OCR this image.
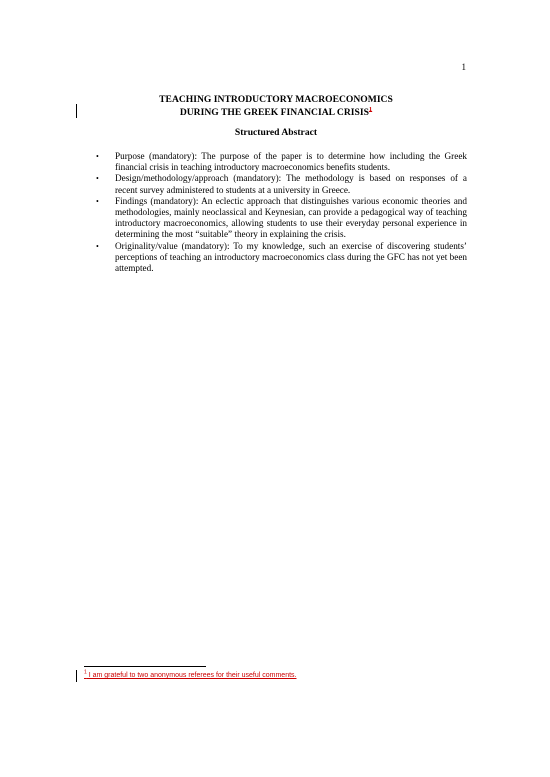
1
TEACHING INTRODUCTORY MACROECONOMICS
DURING THE GREEK FINANCIAL CRISIS$^1$
Structured Abstract
• Purpose (mandatory): The purpose of the paper is to determine how including the Greek financial crisis in teaching introductory macroeconomics benefits students.
• Design/methodology/approach (mandatory): The methodology is based on responses of a recent survey administered to students at a university in Greece.
• Findings (mandatory): An eclectic approach that distinguishes various economic theories and methodologies, mainly neoclassical and Keynesian, can provide a pedagogical way of teaching introductory macroeconomics, allowing students to use their everyday personal experience in determining the most “suitable” theory in explaining the crisis.
• Originality/value (mandatory): To my knowledge, such an exercise of discovering students’ perceptions of teaching an introductory macroeconomics class during the GFC has not yet been attempted.
$^1$ I am grateful to two anonymous referees for their useful comments.
